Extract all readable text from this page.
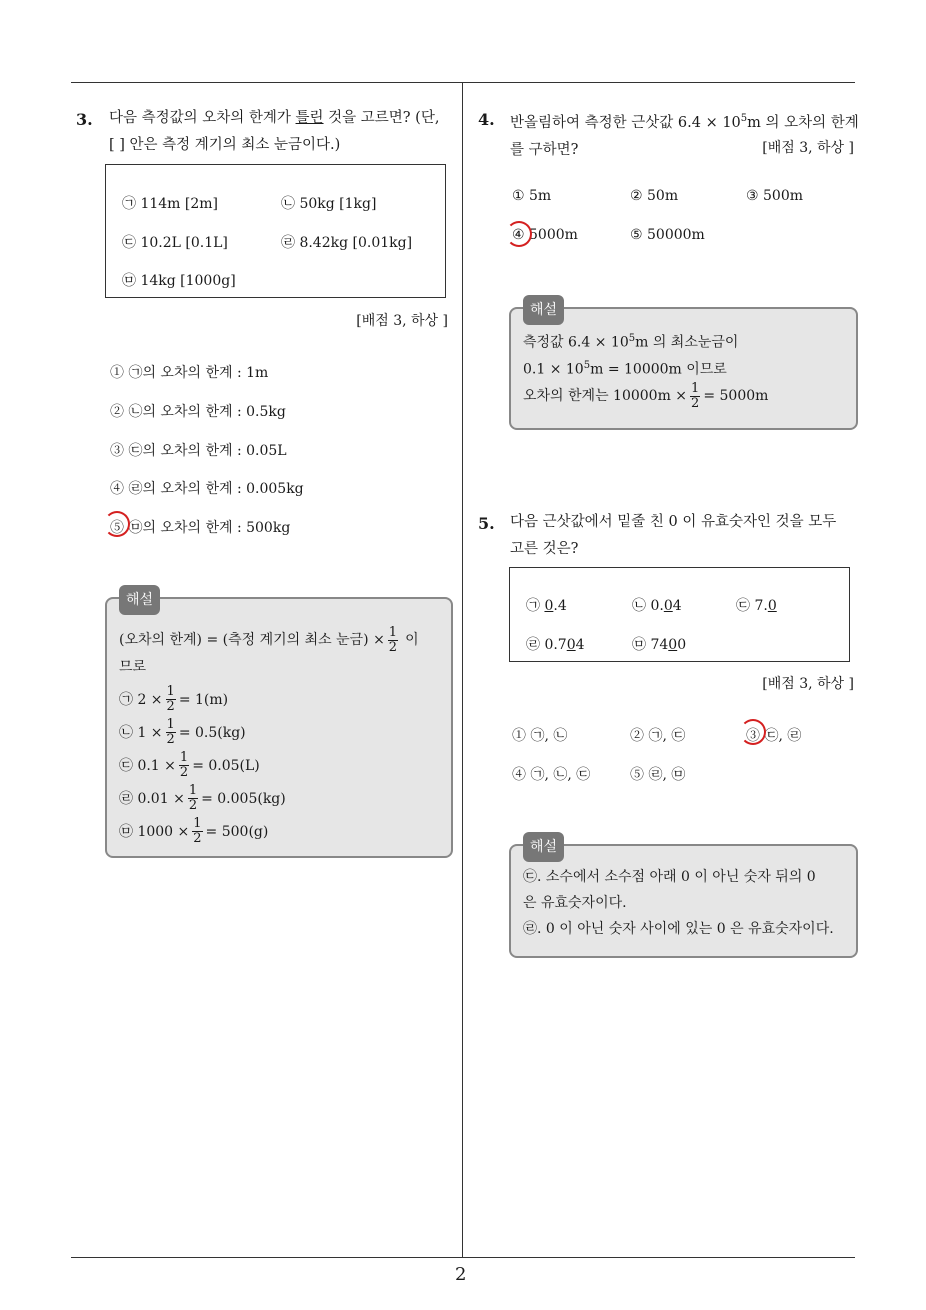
2
3. 다음 측정값의 오차의 한계가 틀린 것을 고르면? (단,
[ ] 안은 측정 계기의 최소 눈금이다.)
㉠ 114m [2m]	㉡ 50kg [1kg]
㉢ 10.2L [0.1L]	㉣ 8.42kg [0.01kg]
㉤ 14kg [1000g]
[배점 3, 하상 ]
① ㉠의 오차의 한계 : 1m
② ㉡의 오차의 한계 : 0.5kg
③ ㉢의 오차의 한계 : 0.05L
④ ㉣의 오차의 한계 : 0.005kg
⑤ ㉤의 오차의 한계 : 500kg
해설
(오차의 한계) = (측정 계기의 최소 눈금) × $\frac{1}{2}$ 이
므로
㉠ $2 \times \frac{1}{2} = 1(m)$
㉡ $1 \times \frac{1}{2} = 0.5(kg)$
㉢ $0.1 \times \frac{1}{2} = 0.05(L)$
㉣ $0.01 \times \frac{1}{2} = 0.005(kg)$
㉤ $1000 \times \frac{1}{2} = 500(g)$
4. 반올림하여 측정한 근삿값 $6.4 \times 10^5m$ 의 오차의 한계
를 구하면?	[배점 3, 하상 ]
① 5m	② 50m	③ 500m
④ 5000m	⑤ 50000m
해설
측정값 $6.4 \times 10^5m$ 의 최소눈금이
$0.1 \times 10^5m = 10000m$ 이므로
오차의 한계는 $10000m \times \frac{1}{2} = 5000m$
5. 다음 근삿값에서 밑줄 친 0 이 유효숫자인 것을 모두
고른 것은?
㉠ 0.4	㉡ 0.04	㉢ 7.0
㉣ 0.704	㉤ 7400
[배점 3, 하상 ]
① ㉠, ㉡	② ㉠, ㉢	③ ㉢, ㉣
④ ㉠, ㉡, ㉢	⑤ ㉣, ㉤
해설
㉢. 소수에서 소수점 아래 0 이 아닌 숫자 뒤의 0
은 유효숫자이다.
㉣. 0 이 아닌 숫자 사이에 있는 0 은 유효숫자이다.
